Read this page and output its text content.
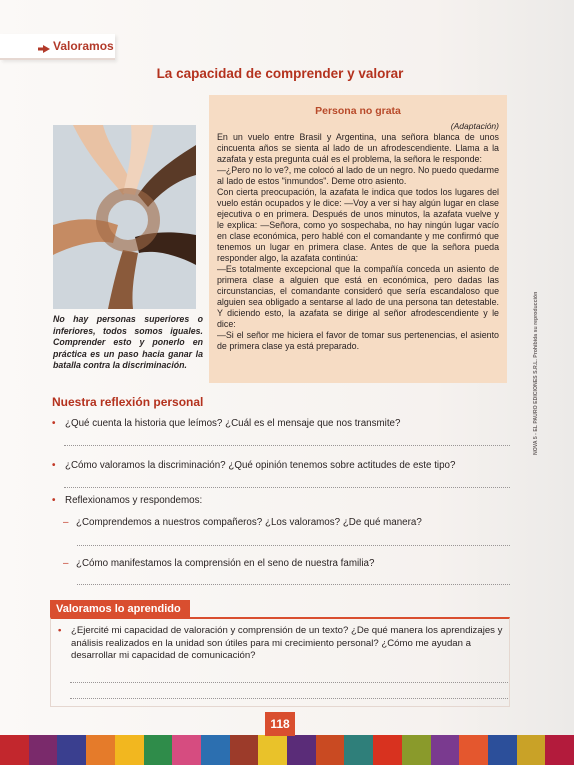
Valoramos
La capacidad de comprender y valorar
No hay personas superiores o inferiores, todos somos iguales. Comprender esto y ponerlo en práctica es un paso hacia ganar la batalla contra la discriminación.
Persona no grata
(Adaptación)

En un vuelo entre Brasil y Argentina, una señora blanca de unos cincuenta años se sienta al lado de un afrodescendiente. Llama a la azafata y esta pregunta cuál es el problema, la señora le responde:

—¿Pero no lo ve?, me colocó al lado de un negro. No puedo quedarme al lado de estos "inmundos". Deme otro asiento.

Con cierta preocupación, la azafata le indica que todos los lugares del vuelo están ocupados y le dice: —Voy a ver si hay algún lugar en clase ejecutiva o en primera. Después de unos minutos, la azafata vuelve y le explica: —Señora, como yo sospechaba, no hay ningún lugar vacío en clase económica, pero hablé con el comandante y me confirmó que tenemos un lugar en primera clase. Antes de que la señora pueda responder algo, la azafata continúa:

—Es totalmente excepcional que la compañía conceda un asiento de primera clase a alguien que está en económica, pero dadas las circunstancias, el comandante consideró que sería escandaloso que alguien sea obligado a sentarse al lado de una persona tan detestable. Y diciendo esto, la azafata se dirige al señor afrodescendiente y le dice:

—Si el señor me hiciera el favor de tomar sus pertenencias, el asiento de primera clase ya está preparado.

Nuestra reflexión personal
• ¿Qué cuenta la historia que leímos? ¿Cuál es el mensaje que nos transmite?
• ¿Cómo valoramos la discriminación? ¿Qué opinión tenemos sobre actitudes de este tipo?
• Reflexionamos y respondemos:
– ¿Comprendemos a nuestros compañeros? ¿Los valoramos? ¿De qué manera?
– ¿Cómo manifestamos la comprensión en el seno de nuestra familia?
Valoramos lo aprendido
•	¿Ejercité mi capacidad de valoración y comprensión de un texto? ¿De qué manera los aprendizajes y análisis realizados en la unidad son útiles para mi crecimiento personal? ¿Cómo me ayudan a desarrollar mi capacidad de comunicación?
NOVA 5 - EL PAURO EDICIONES S.R.L. Prohibida su reproducción
118
